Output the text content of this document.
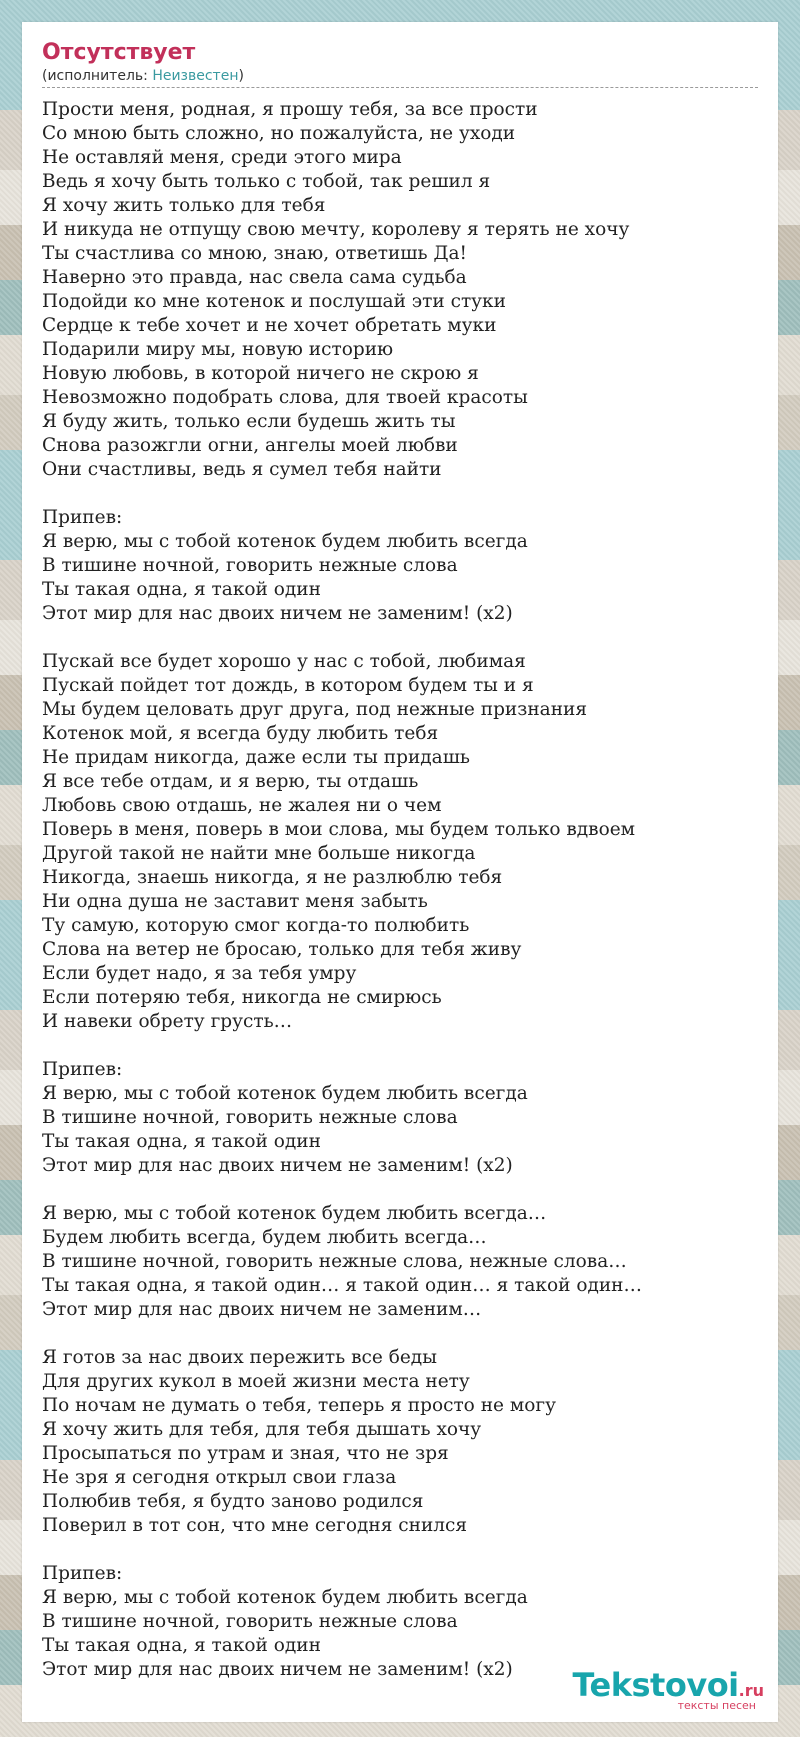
Отсутствует
(исполнитель: Неизвестен)
Прости меня, родная, я прошу тебя, за все прости
Со мною быть сложно, но пожалуйста, не уходи
Не оставляй меня, среди этого мира
Ведь я хочу быть только с тобой, так решил я
Я хочу жить только для тебя
И никуда не отпущу свою мечту, королеву я терять не хочу
Ты счастлива со мною, знаю, ответишь Да!
Наверно это правда, нас свела сама судьба
Подойди ко мне котенок и послушай эти стуки
Сердце к тебе хочет и не хочет обретать муки
Подарили миру мы, новую историю
Новую любовь, в которой ничего не скрою я
Невозможно подобрать слова, для твоей красоты
Я буду жить, только если будешь жить ты
Снова разожгли огни, ангелы моей любви
Они счастливы, ведь я сумел тебя найти
Припев:
Я верю, мы с тобой котенок будем любить всегда
В тишине ночной, говорить нежные слова
Ты такая одна, я такой один
Этот мир для нас двоих ничем не заменим! (x2)
Пускай все будет хорошо у нас с тобой, любимая
Пускай пойдет тот дождь, в котором будем ты и я
Мы будем целовать друг друга, под нежные признания
Котенок мой, я всегда буду любить тебя
Не придам никогда, даже если ты придашь
Я все тебе отдам, и я верю, ты отдашь
Любовь свою отдашь, не жалея ни о чем
Поверь в меня, поверь в мои слова, мы будем только вдвоем
Другой такой не найти мне больше никогда
Никогда, знаешь никогда, я не разлюблю тебя
Ни одна душа не заставит меня забыть
Ту самую, которую смог когда-то полюбить
Слова на ветер не бросаю, только для тебя живу
Если будет надо, я за тебя умру
Если потеряю тебя, никогда не смирюсь
И навеки обрету грусть…
Припев:
Я верю, мы с тобой котенок будем любить всегда
В тишине ночной, говорить нежные слова
Ты такая одна, я такой один
Этот мир для нас двоих ничем не заменим! (x2)
Я верю, мы с тобой котенок будем любить всегда…
Будем любить всегда, будем любить всегда…
В тишине ночной, говорить нежные слова, нежные слова…
Ты такая одна, я такой один… я такой один… я такой один…
Этот мир для нас двоих ничем не заменим…
Я готов за нас двоих пережить все беды
Для других кукол в моей жизни места нету
По ночам не думать о тебя, теперь я просто не могу
Я хочу жить для тебя, для тебя дышать хочу
Просыпаться по утрам и зная, что не зря
Не зря я сегодня открыл свои глаза
Полюбив тебя, я будто заново родился
Поверил в тот сон, что мне сегодня снился
Припев:
Я верю, мы с тобой котенок будем любить всегда
В тишине ночной, говорить нежные слова
Ты такая одна, я такой один
Этот мир для нас двоих ничем не заменим! (x2)	Tekstovoi.ru
тексты песен
